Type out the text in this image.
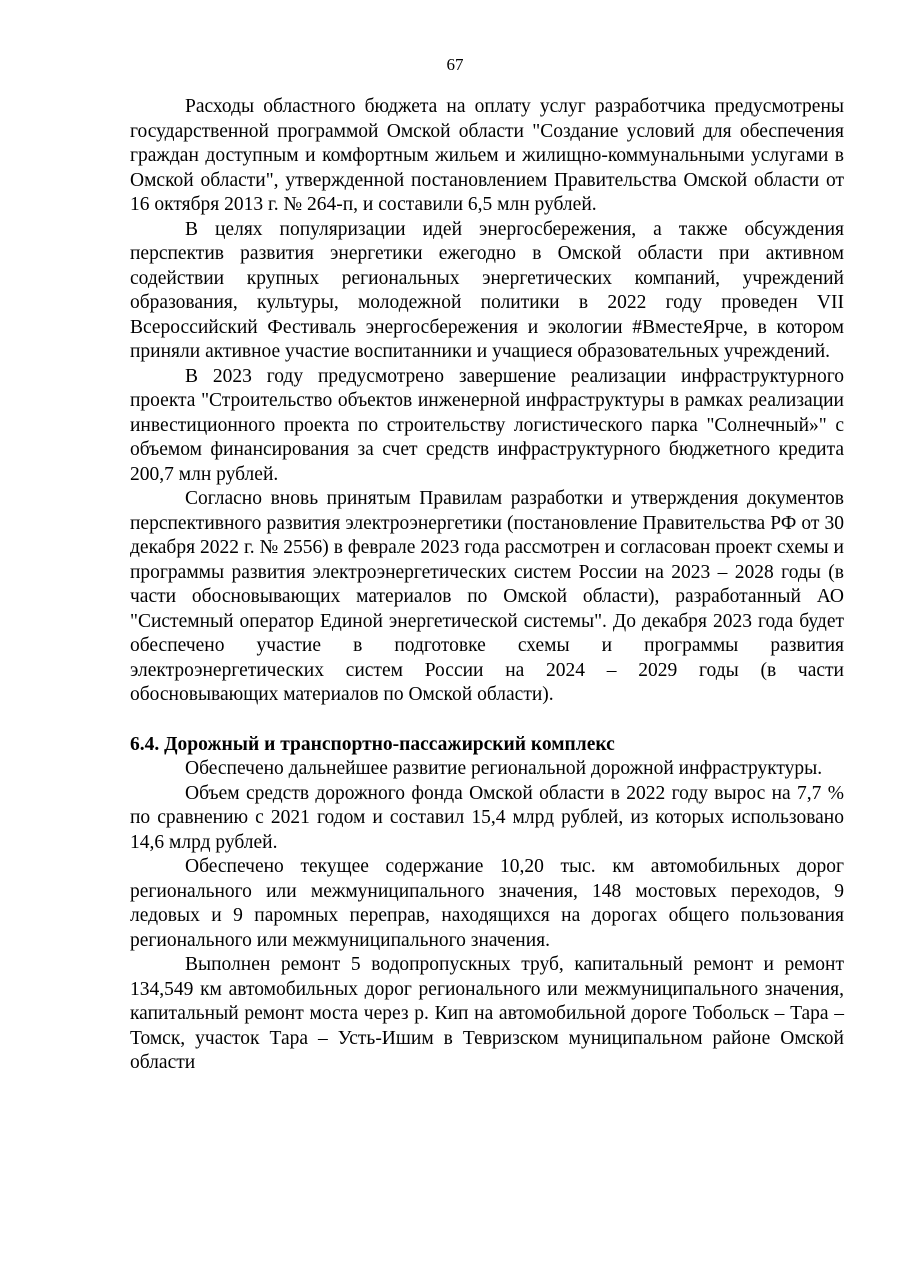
67

Расходы областного бюджета на оплату услуг разработчика предусмотрены государственной программой Омской области "Создание условий для обеспечения граждан доступным и комфортным жильем и жилищно-коммунальными услугами в Омской области", утвержденной постановлением Правительства Омской области от 16 октября 2013 г. № 264-п, и составили 6,5 млн рублей.

В целях популяризации идей энергосбережения, а также обсуждения перспектив развития энергетики ежегодно в Омской области при активном содействии крупных региональных энергетических компаний, учреждений образования, культуры, молодежной политики в 2022 году проведен VII Всероссийский Фестиваль энергосбережения и экологии #ВместеЯрче, в котором приняли активное участие воспитанники и учащиеся образовательных учреждений.

В 2023 году предусмотрено завершение реализации инфраструктурного проекта "Строительство объектов инженерной инфраструктуры в рамках реализации инвестиционного проекта по строительству логистического парка "Солнечный»" с объемом финансирования за счет средств инфраструктурного бюджетного кредита 200,7 млн рублей.

Согласно вновь принятым Правилам разработки и утверждения документов перспективного развития электроэнергетики (постановление Правительства РФ от 30 декабря 2022 г. № 2556) в феврале 2023 года рассмотрен и согласован проект схемы и программы развития электроэнергетических систем России на 2023 – 2028 годы (в части обосновывающих материалов по Омской области), разработанный АО "Системный оператор Единой энергетической системы". До декабря 2023 года будет обеспечено участие в подготовке схемы и программы развития электроэнергетических систем России на 2024 – 2029 годы (в части обосновывающих материалов по Омской области).

6.4. Дорожный и транспортно-пассажирский комплекс

Обеспечено дальнейшее развитие региональной дорожной инфраструктуры.

Объем средств дорожного фонда Омской области в 2022 году вырос на 7,7 % по сравнению с 2021 годом и составил 15,4 млрд рублей, из которых использовано 14,6 млрд рублей.

Обеспечено текущее содержание 10,20 тыс. км автомобильных дорог регионального или межмуниципального значения, 148 мостовых переходов, 9 ледовых и 9 паромных переправ, находящихся на дорогах общего пользования регионального или межмуниципального значения.

Выполнен ремонт 5 водопропускных труб, капитальный ремонт и ремонт 134,549 км автомобильных дорог регионального или межмуниципального значения, капитальный ремонт моста через р. Кип на автомобильной дороге Тобольск – Тара – Томск, участок Тара – Усть-Ишим в Тевризском муниципальном районе Омской области
